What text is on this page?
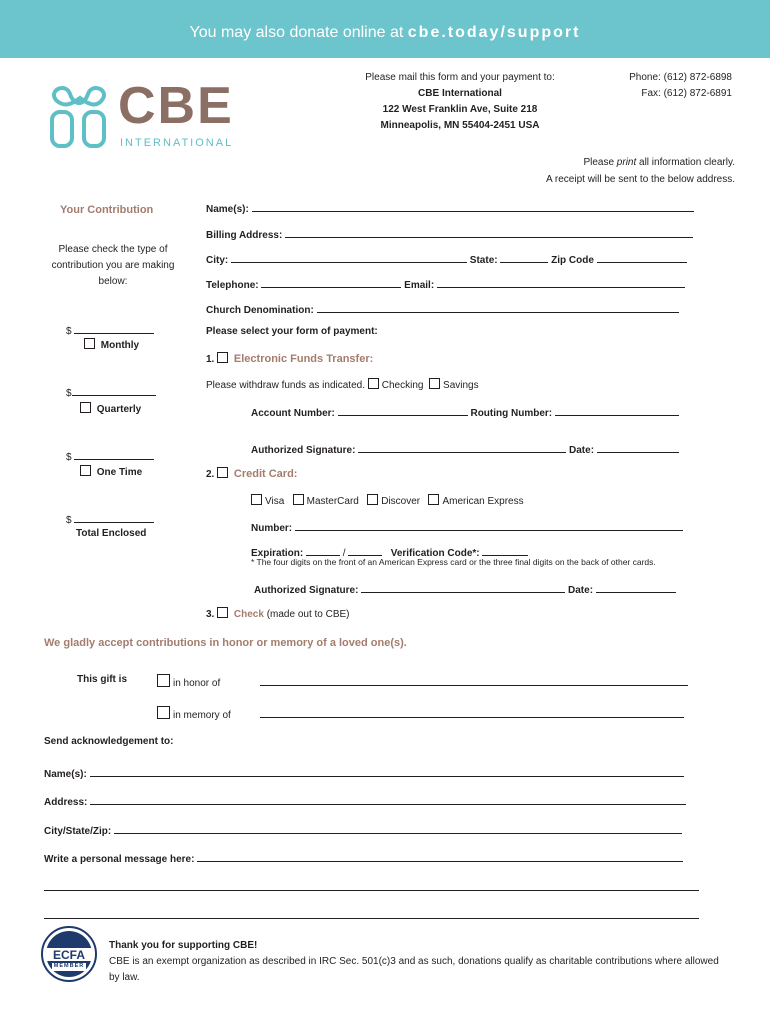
You may also donate online at cbe.today/support
CBE
INTERNATIONAL
Please mail this form and your payment to:
CBE International
122 West Franklin Ave, Suite 218
Minneapolis, MN 55404-2451 USA
Phone: (612) 872-6898
Fax: (612) 872-6891
Please print all information clearly.
A receipt will be sent to the below address.
Your Contribution
Please check the type of contribution you are making below:
$
Monthly
$
Quarterly
$
One Time
$
Total Enclosed
Name(s):
Billing Address:
City:	State:	Zip Code
Telephone:	Email:
Church Denomination:
Please select your form of payment:
1. Electronic Funds Transfer:
Please withdraw funds as indicated. Checking Savings
Account Number:	Routing Number:
Authorized Signature:	Date:
2. Credit Card:
Visa MasterCard Discover American Express
Number:
Expiration:	/	Verification Code*:
* The four digits on the front of an American Express card or the three final digits on the back of other cards.
Authorized Signature:	Date:
3. Check (made out to CBE)
We gladly accept contributions in honor or memory of a loved one(s).
This gift is	in honor of
in memory of
Send acknowledgement to:
Name(s):
Address:
City/State/Zip:
Write a personal message here:
ECFA
MEMBER
Thank you for supporting CBE!
CBE is an exempt organization as described in IRC Sec. 501(c)3 and as such, donations qualify as charitable contributions where allowed by law.
